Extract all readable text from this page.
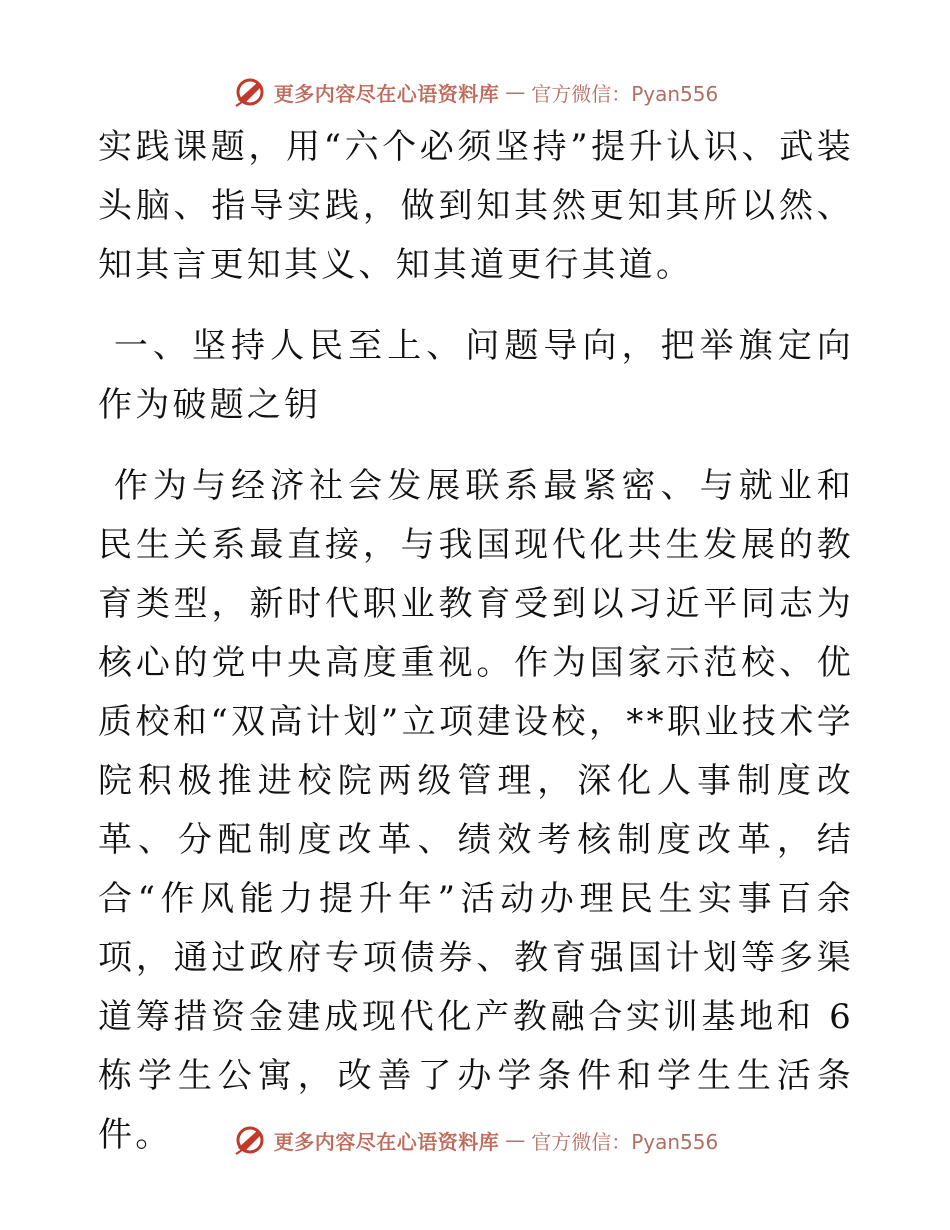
更多内容尽在心语资料库 — 官方微信：Pyan556

实践课题，用“六个必须坚持”提升认识、武装头脑、指导实践，做到知其然更知其所以然、知其言更知其义、知其道更行其道。

一、坚持人民至上、问题导向，把举旗定向作为破题之钥

作为与经济社会发展联系最紧密、与就业和民生关系最直接，与我国现代化共生发展的教育类型，新时代职业教育受到以习近平同志为核心的党中央高度重视。作为国家示范校、优质校和“双高计划”立项建设校，**职业技术学院积极推进校院两级管理，深化人事制度改革、分配制度改革、绩效考核制度改革，结合“作风能力提升年”活动办理民生实事百余项，通过政府专项债券、教育强国计划等多渠道筹措资金建成现代化产教融合实训基地和 6 栋学生公寓，改善了办学条件和学生生活条件。	更多内容尽在心语资料库 — 官方微信：Pyan556
